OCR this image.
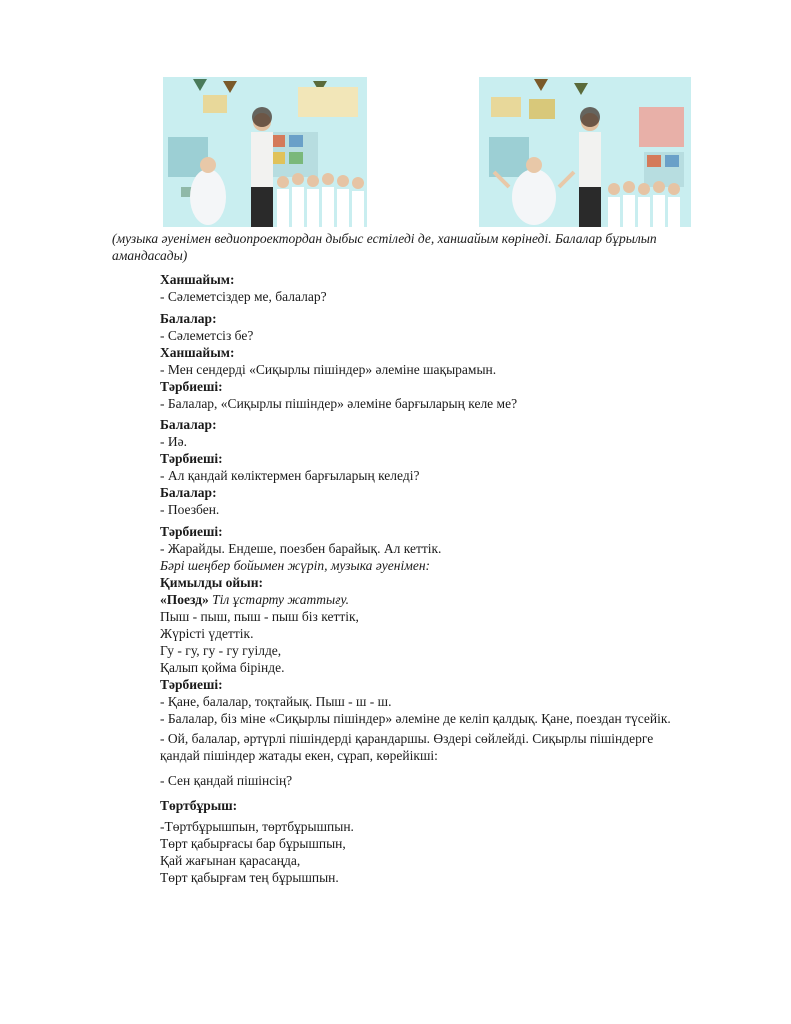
(музыка әуенімен ведиопроектордан дыбыс естіледі де, ханшайым көрінеді. Балалар бұрылып амандасады)
Ханшайым:
- Сәлеметсіздер ме, балалар?
Балалар:
- Сәлеметсіз бе?
Ханшайым:
- Мен сендерді «Сиқырлы пішіндер» әлеміне шақырамын.
Тәрбиеші:
- Балалар, «Сиқырлы пішіндер» әлеміне барғыларың келе ме?
Балалар:
- Иә.
Тәрбиеші:
- Ал қандай көліктермен барғыларың келеді?
Балалар:
- Поезбен.
Тәрбиеші:
- Жарайды. Ендеше, поезбен барайық. Ал кеттік.
Бәрі шеңбер бойымен жүріп, музыка әуенімен:
Қимылды ойын:
«Поезд» Тіл ұстарту жаттығу.
Пыш - пыш, пыш - пыш біз кеттік,
Жүрісті үдеттік.
Гу - гу, гу - гу гуілде,
Қалып қойма бірінде.
Тәрбиеші:
- Қане, балалар, тоқтайық. Пыш - ш - ш.
- Балалар, біз міне «Сиқырлы пішіндер» әлеміне де келіп қалдық. Қане, поездан түсейік.
- Ой, балалар, әртүрлі пішіндерді қарандаршы. Өздері сөйлейді. Сиқырлы пішіндерге
қандай пішіндер жатады екен, сұрап, көрейікші:
- Сен қандай пішінсің?
Төртбұрыш:
-Төртбұрышпын, төртбұрышпын.
Төрт қабырғасы бар бұрышпын,
Қай жағынан қарасаңда,
Төрт қабырғам тең бұрышпын.
